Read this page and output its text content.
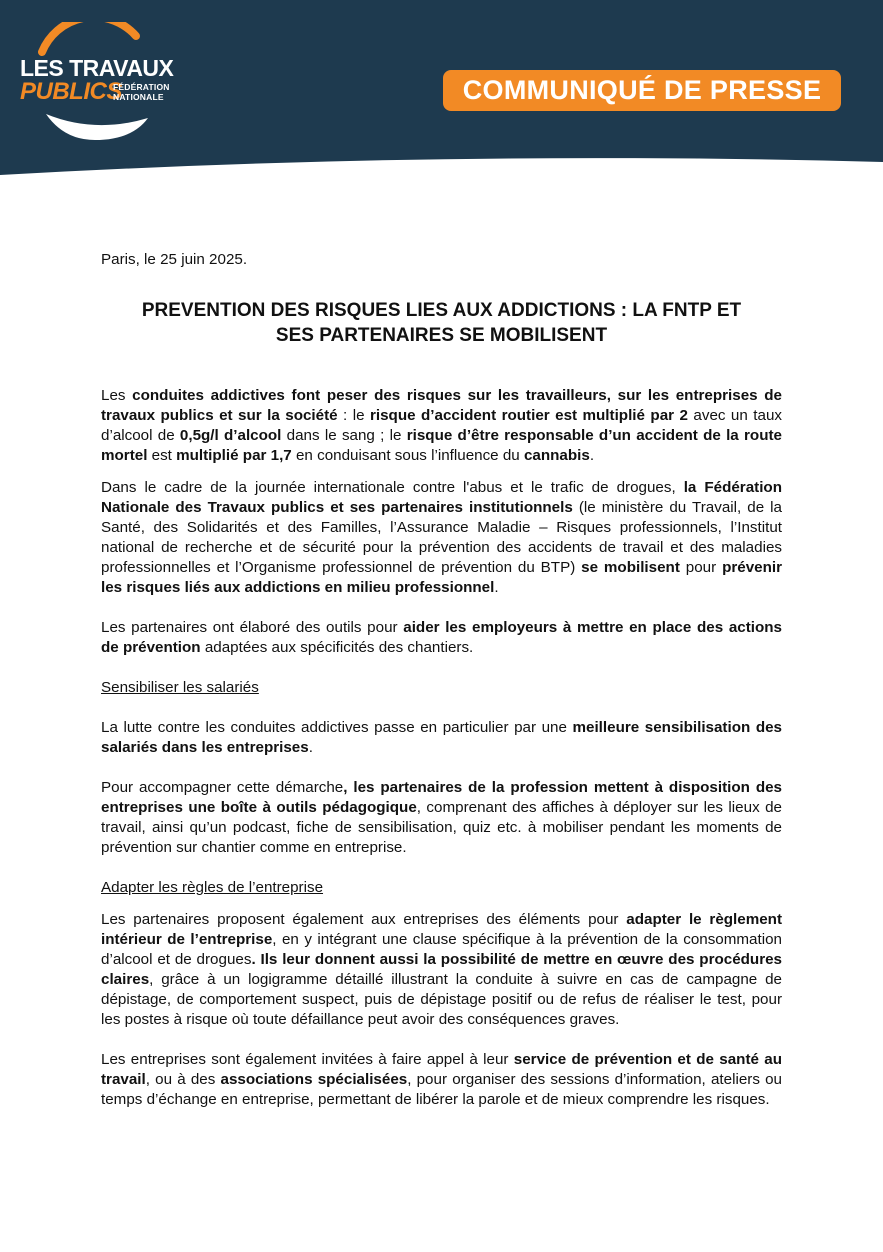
LES TRAVAUX
PUBLICS
FÉDÉRATION
NATIONALE	COMMUNIQUÉ DE PRESSE

Paris, le 25 juin 2025.

PREVENTION DES RISQUES LIES AUX ADDICTIONS : LA FNTP ET
SES PARTENAIRES SE MOBILISENT

Les conduites addictives font peser des risques sur les travailleurs, sur les entreprises de travaux publics et sur la société : le risque d’accident routier est multiplié par 2 avec un taux d’alcool de 0,5g/l d’alcool dans le sang ; le risque d’être responsable d’un accident de la route mortel est multiplié par 1,7 en conduisant sous l’influence du cannabis.

Dans le cadre de la journée internationale contre l'abus et le trafic de drogues, la Fédération Nationale des Travaux publics et ses partenaires institutionnels (le ministère du Travail, de la Santé, des Solidarités et des Familles, l’Assurance Maladie – Risques professionnels, l’Institut national de recherche et de sécurité pour la prévention des accidents de travail et des maladies professionnelles et l’Organisme professionnel de prévention du BTP) se mobilisent pour prévenir les risques liés aux addictions en milieu professionnel.

Les partenaires ont élaboré des outils pour aider les employeurs à mettre en place des actions de prévention adaptées aux spécificités des chantiers.

Sensibiliser les salariés

La lutte contre les conduites addictives passe en particulier par une meilleure sensibilisation des salariés dans les entreprises.

Pour accompagner cette démarche, les partenaires de la profession mettent à disposition des entreprises une boîte à outils pédagogique, comprenant des affiches à déployer sur les lieux de travail, ainsi qu’un podcast, fiche de sensibilisation, quiz etc. à mobiliser pendant les moments de prévention sur chantier comme en entreprise.

Adapter les règles de l’entreprise

Les partenaires proposent également aux entreprises des éléments pour adapter le règlement intérieur de l’entreprise, en y intégrant une clause spécifique à la prévention de la consommation d’alcool et de drogues. Ils leur donnent aussi la possibilité de mettre en œuvre des procédures claires, grâce à un logigramme détaillé illustrant la conduite à suivre en cas de campagne de dépistage, de comportement suspect, puis de dépistage positif ou de refus de réaliser le test, pour les postes à risque où toute défaillance peut avoir des conséquences graves.

Les entreprises sont également invitées à faire appel à leur service de prévention et de santé au travail, ou à des associations spécialisées, pour organiser des sessions d’information, ateliers ou temps d’échange en entreprise, permettant de libérer la parole et de mieux comprendre les risques.
